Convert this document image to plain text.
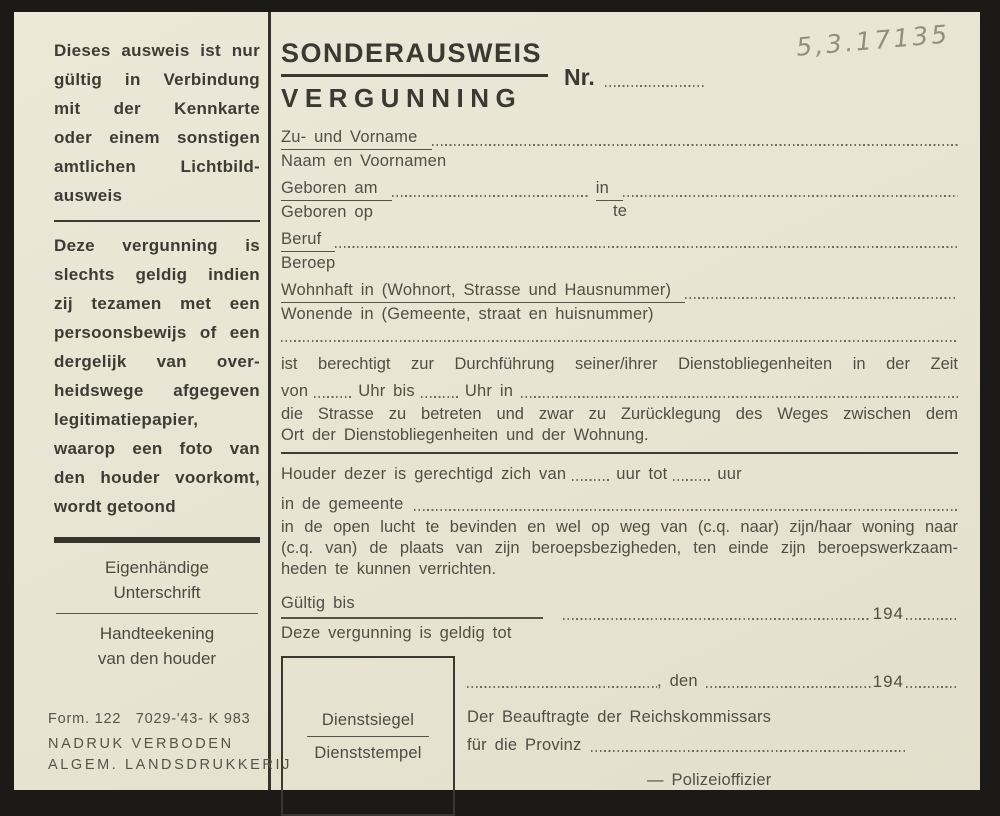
Dieses ausweis ist nur
gültig in Verbindung
mit der Kennkarte
oder einem sonstigen
amtlichen Lichtbild-
ausweis
Deze vergunning is
slechts geldig indien
zij tezamen met een
persoonsbewijs of een
dergelijk van over-
heidswege afgegeven
legitimatiepapier,
waarop een foto van
den houder voorkomt,
wordt getoond
Eigenhändige
Unterschrift
Handteekening
van den houder
Form. 122   7029-'43- K 983
NADRUK VERBODEN
ALGEM. LANDSDRUKKERIJ
SONDERAUSWEIS
VERGUNNING
Nr.
5,3.17135
Zu- und Vorname
Naam en Voornamen
Geboren am	in
Geboren op	te
Beruf
Beroep
Wohnhaft in (Wohnort, Strasse und Hausnummer)
Wonende in (Gemeente, straat en huisnummer)
ist berechtigt zur Durchführung seiner/ihrer Dienstobliegenheiten in der Zeit
von	Uhr bis	Uhr in
die Strasse zu betreten und zwar zu Zurücklegung des Weges zwischen dem
Ort der Dienstobliegenheiten und der Wohnung.
Houder dezer is gerechtigd zich van	uur tot	uur
in de gemeente
in de open lucht te bevinden en wel op weg van (c.q. naar) zijn/haar woning naar
(c.q. van) de plaats van zijn beroepsbezigheden, ten einde zijn beroepswerkzaam-
heden te kunnen verrichten.
Gültig bis
Deze vergunning is geldig tot
194
Dienstsiegel
Dienststempel
, den	194
Der Beauftragte der Reichskommissars
für die Provinz
— Polizeioffizier
